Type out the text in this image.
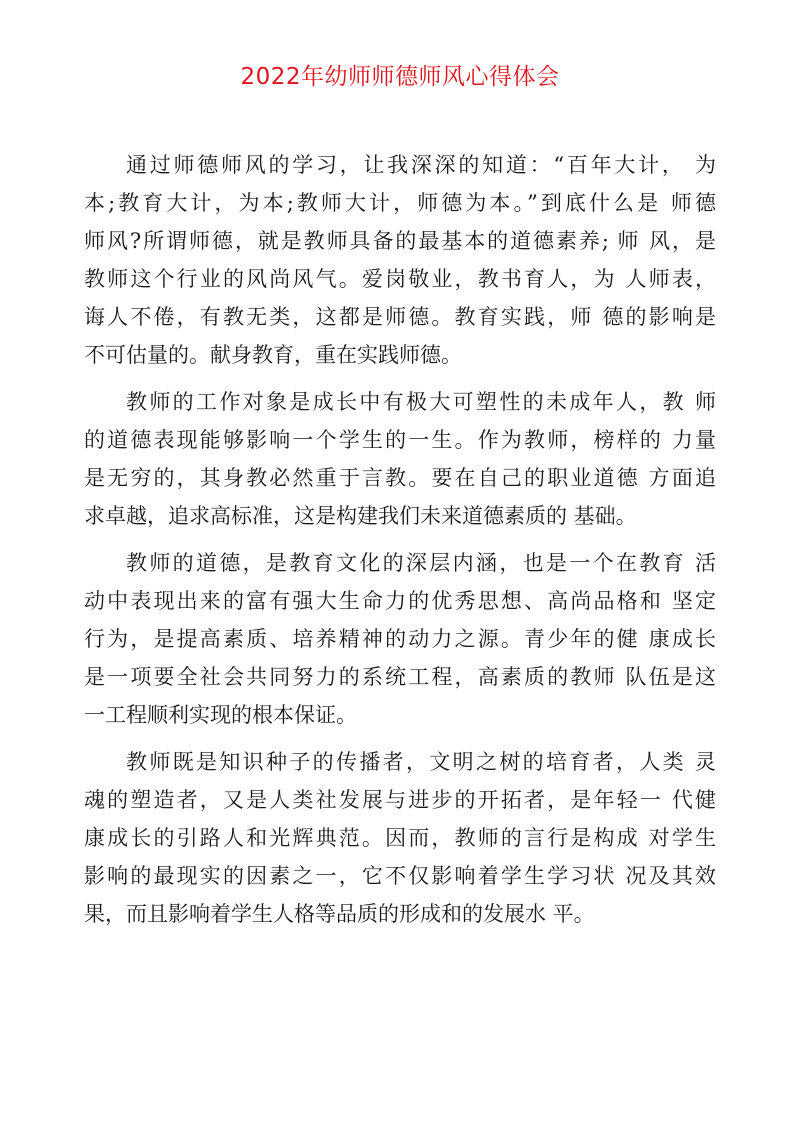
2022年幼师师德师风心得体会
通过师德师风的学习，让我深深的知道：“百年大计， 为
本;教育大计，为本;教师大计，师德为本。”到底什么是 师德
师风?所谓师德，就是教师具备的最基本的道德素养; 师 风，是
教师这个行业的风尚风气。爱岗敬业，教书育人，为 人师表，
诲人不倦，有教无类，这都是师德。教育实践，师 德的影响是
不可估量的。献身教育，重在实践师德。
教师的工作对象是成长中有极大可塑性的未成年人，教 师
的道德表现能够影响一个学生的一生。作为教师，榜样的 力量
是无穷的，其身教必然重于言教。要在自己的职业道德 方面追
求卓越，追求高标准，这是构建我们未来道德素质的 基础。
教师的道德，是教育文化的深层内涵，也是一个在教育 活
动中表现出来的富有强大生命力的优秀思想、高尚品格和 坚定
行为，是提高素质、培养精神的动力之源。青少年的健 康成长
是一项要全社会共同努力的系统工程，高素质的教师 队伍是这
一工程顺利实现的根本保证。
教师既是知识种子的传播者，文明之树的培育者，人类 灵
魂的塑造者，又是人类社发展与进步的开拓者，是年轻一 代健
康成长的引路人和光辉典范。因而，教师的言行是构成 对学生
影响的最现实的因素之一，它不仅影响着学生学习状 况及其效
果，而且影响着学生人格等品质的形成和的发展水 平。
